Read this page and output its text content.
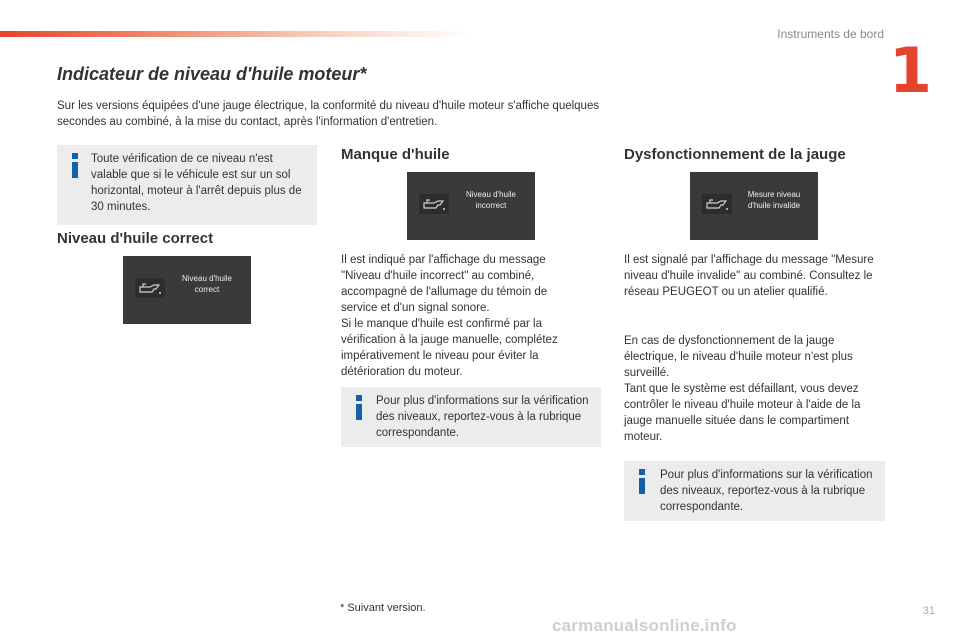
Instruments de bord 1
Indicateur de niveau d'huile moteur*

Sur les versions équipées d'une jauge électrique, la conformité du niveau d'huile moteur s'affiche quelques secondes au combiné, à la mise du contact, après l'information d'entretien.

Toute vérification de ce niveau n'est valable que si le véhicule est sur un sol horizontal, moteur à l'arrêt depuis plus de 30 minutes.
Niveau d'huile correct
Niveau d'huile
correct
Manque d'huile
Niveau d'huile
incorrect

Il est indiqué par l'affichage du message "Niveau d'huile incorrect" au combiné, accompagné de l'allumage du témoin de service et d'un signal sonore.

Si le manque d'huile est confirmé par la vérification à la jauge manuelle, complétez impérativement le niveau pour éviter la détérioration du moteur.

Pour plus d'informations sur la vérification des niveaux, reportez-vous à la rubrique correspondante.
Dysfonctionnement de la jauge
Mesure niveau
d'huile invalide

Il est signalé par l'affichage du message "Mesure niveau d'huile invalide" au combiné. Consultez le réseau PEUGEOT ou un atelier qualifié.

En cas de dysfonctionnement de la jauge électrique, le niveau d'huile moteur n'est plus surveillé.

Tant que le système est défaillant, vous devez contrôler le niveau d'huile moteur à l'aide de la jauge manuelle située dans le compartiment moteur.

Pour plus d'informations sur la vérification des niveaux, reportez-vous à la rubrique correspondante.
* Suivant version.	31
carmanualsonline.info
